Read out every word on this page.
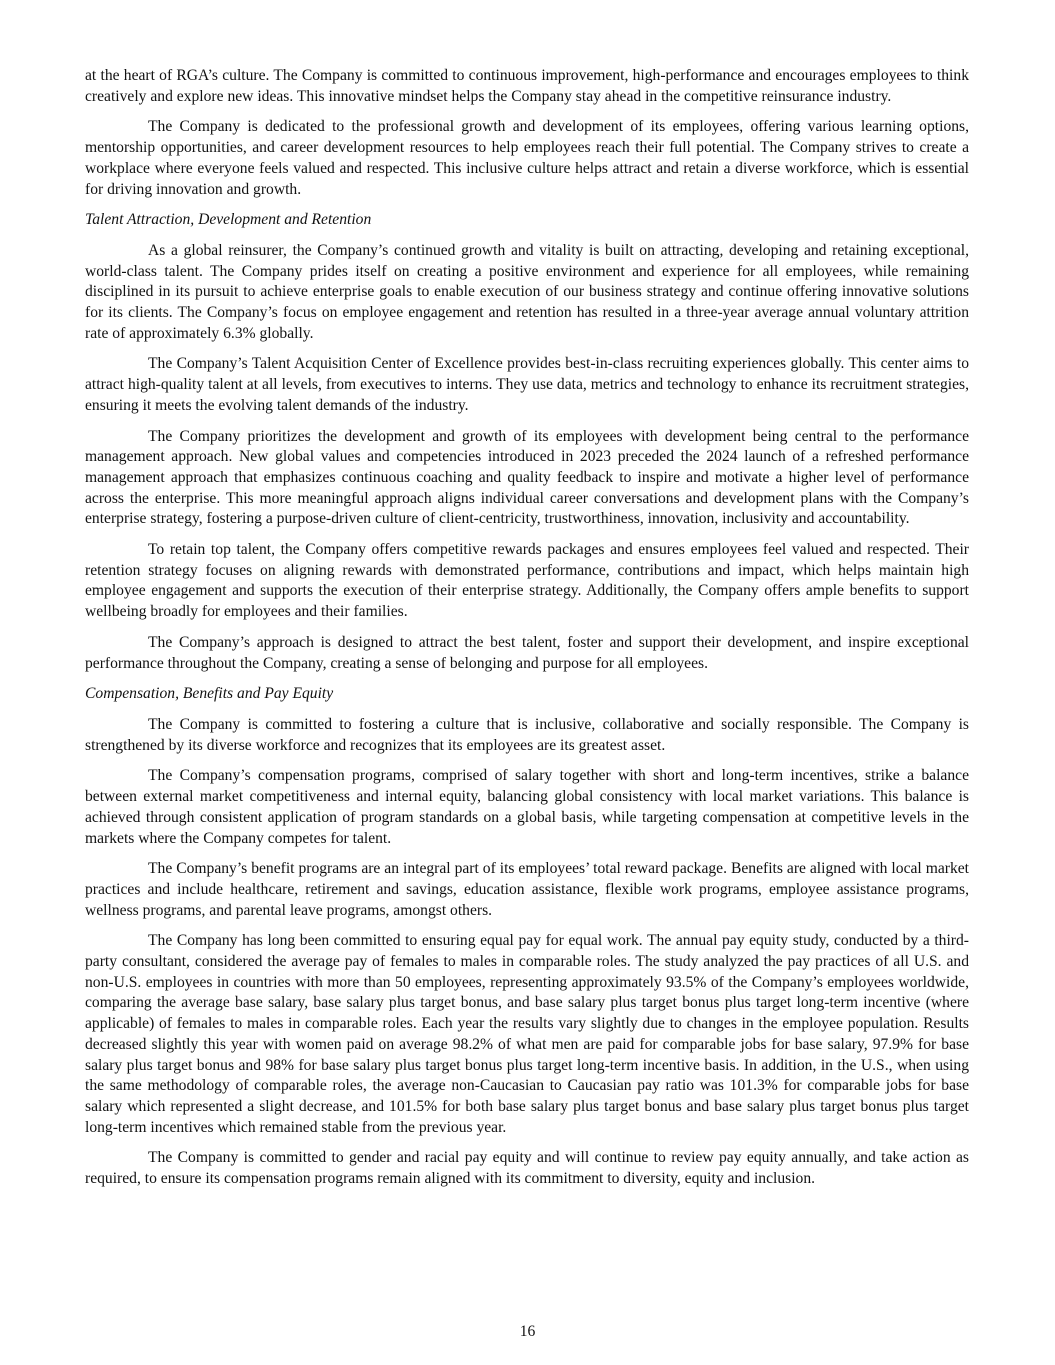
at the heart of RGA’s culture. The Company is committed to continuous improvement, high-performance and encourages employees to think creatively and explore new ideas. This innovative mindset helps the Company stay ahead in the competitive reinsurance industry.

The Company is dedicated to the professional growth and development of its employees, offering various learning options, mentorship opportunities, and career development resources to help employees reach their full potential. The Company strives to create a workplace where everyone feels valued and respected. This inclusive culture helps attract and retain a diverse workforce, which is essential for driving innovation and growth.

Talent Attraction, Development and Retention

As a global reinsurer, the Company’s continued growth and vitality is built on attracting, developing and retaining exceptional, world-class talent. The Company prides itself on creating a positive environment and experience for all employees, while remaining disciplined in its pursuit to achieve enterprise goals to enable execution of our business strategy and continue offering innovative solutions for its clients. The Company’s focus on employee engagement and retention has resulted in a three-year average annual voluntary attrition rate of approximately 6.3% globally.

The Company’s Talent Acquisition Center of Excellence provides best-in-class recruiting experiences globally. This center aims to attract high-quality talent at all levels, from executives to interns. They use data, metrics and technology to enhance its recruitment strategies, ensuring it meets the evolving talent demands of the industry.

The Company prioritizes the development and growth of its employees with development being central to the performance management approach. New global values and competencies introduced in 2023 preceded the 2024 launch of a refreshed performance management approach that emphasizes continuous coaching and quality feedback to inspire and motivate a higher level of performance across the enterprise. This more meaningful approach aligns individual career conversations and development plans with the Company’s enterprise strategy, fostering a purpose-driven culture of client-centricity, trustworthiness, innovation, inclusivity and accountability.

To retain top talent, the Company offers competitive rewards packages and ensures employees feel valued and respected. Their retention strategy focuses on aligning rewards with demonstrated performance, contributions and impact, which helps maintain high employee engagement and supports the execution of their enterprise strategy. Additionally, the Company offers ample benefits to support wellbeing broadly for employees and their families.

The Company’s approach is designed to attract the best talent, foster and support their development, and inspire exceptional performance throughout the Company, creating a sense of belonging and purpose for all employees.

Compensation, Benefits and Pay Equity

The Company is committed to fostering a culture that is inclusive, collaborative and socially responsible. The Company is strengthened by its diverse workforce and recognizes that its employees are its greatest asset.

The Company’s compensation programs, comprised of salary together with short and long-term incentives, strike a balance between external market competitiveness and internal equity, balancing global consistency with local market variations. This balance is achieved through consistent application of program standards on a global basis, while targeting compensation at competitive levels in the markets where the Company competes for talent.

The Company’s benefit programs are an integral part of its employees’ total reward package. Benefits are aligned with local market practices and include healthcare, retirement and savings, education assistance, flexible work programs, employee assistance programs, wellness programs, and parental leave programs, amongst others.

The Company has long been committed to ensuring equal pay for equal work. The annual pay equity study, conducted by a third-party consultant, considered the average pay of females to males in comparable roles. The study analyzed the pay practices of all U.S. and non-U.S. employees in countries with more than 50 employees, representing approximately 93.5% of the Company’s employees worldwide, comparing the average base salary, base salary plus target bonus, and base salary plus target bonus plus target long-term incentive (where applicable) of females to males in comparable roles. Each year the results vary slightly due to changes in the employee population. Results decreased slightly this year with women paid on average 98.2% of what men are paid for comparable jobs for base salary, 97.9% for base salary plus target bonus and 98% for base salary plus target bonus plus target long-term incentive basis. In addition, in the U.S., when using the same methodology of comparable roles, the average non-Caucasian to Caucasian pay ratio was 101.3% for comparable jobs for base salary which represented a slight decrease, and 101.5% for both base salary plus target bonus and base salary plus target bonus plus target long-term incentives which remained stable from the previous year.

The Company is committed to gender and racial pay equity and will continue to review pay equity annually, and take action as required, to ensure its compensation programs remain aligned with its commitment to diversity, equity and inclusion.

16
